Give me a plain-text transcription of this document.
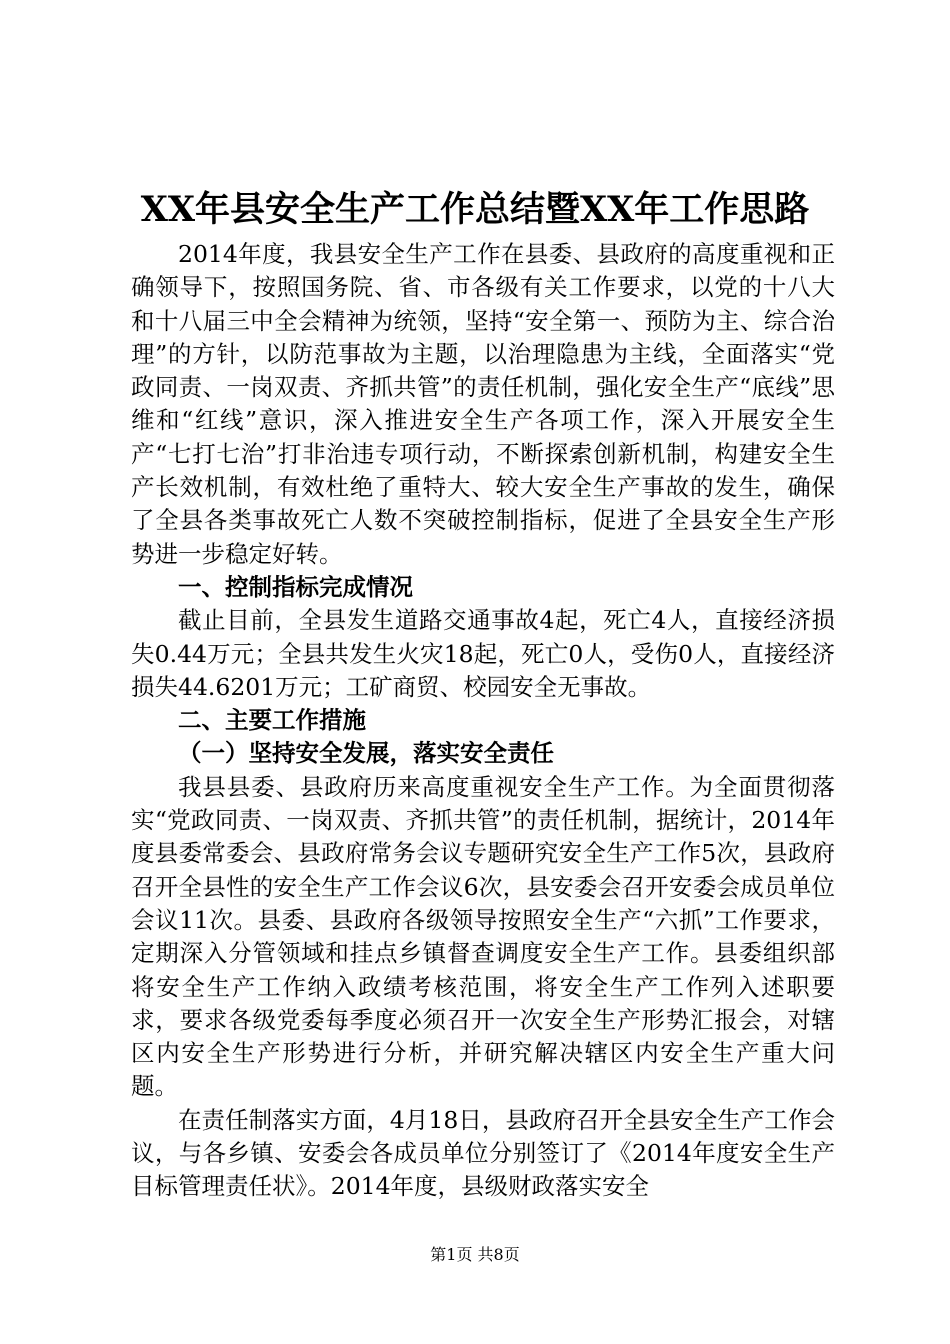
XX年县安全生产工作总结暨XX年工作思路

2014年度，我县安全生产工作在县委、县政府的高度重视和正确领导下，按照国务院、省、市各级有关工作要求，以党的十八大和十八届三中全会精神为统领，坚持“安全第一、预防为主、综合治理”的方针，以防范事故为主题，以治理隐患为主线，全面落实“党政同责、一岗双责、齐抓共管”的责任机制，强化安全生产“底线”思维和“红线”意识，深入推进安全生产各项工作，深入开展安全生产“七打七治”打非治违专项行动，不断探索创新机制，构建安全生产长效机制，有效杜绝了重特大、较大安全生产事故的发生，确保了全县各类事故死亡人数不突破控制指标，促进了全县安全生产形势进一步稳定好转。

一、控制指标完成情况

截止目前，全县发生道路交通事故4起，死亡4人，直接经济损失0.44万元；全县共发生火灾18起，死亡0人，受伤0人，直接经济损失44.6201万元；工矿商贸、校园安全无事故。

二、主要工作措施

（一）坚持安全发展，落实安全责任

我县县委、县政府历来高度重视安全生产工作。为全面贯彻落实“党政同责、一岗双责、齐抓共管”的责任机制，据统计，2014年度县委常委会、县政府常务会议专题研究安全生产工作5次，县政府召开全县性的安全生产工作会议6次，县安委会召开安委会成员单位会议11次。县委、县政府各级领导按照安全生产“六抓”工作要求，定期深入分管领域和挂点乡镇督查调度安全生产工作。县委组织部将安全生产工作纳入政绩考核范围，将安全生产工作列入述职要求，要求各级党委每季度必须召开一次安全生产形势汇报会，对辖区内安全生产形势进行分析，并研究解决辖区内安全生产重大问题。

在责任制落实方面，4月18日，县政府召开全县安全生产工作会议，与各乡镇、安委会各成员单位分别签订了《2014年度安全生产目标管理责任状》。2014年度，县级财政落实安全

第1页 共8页
